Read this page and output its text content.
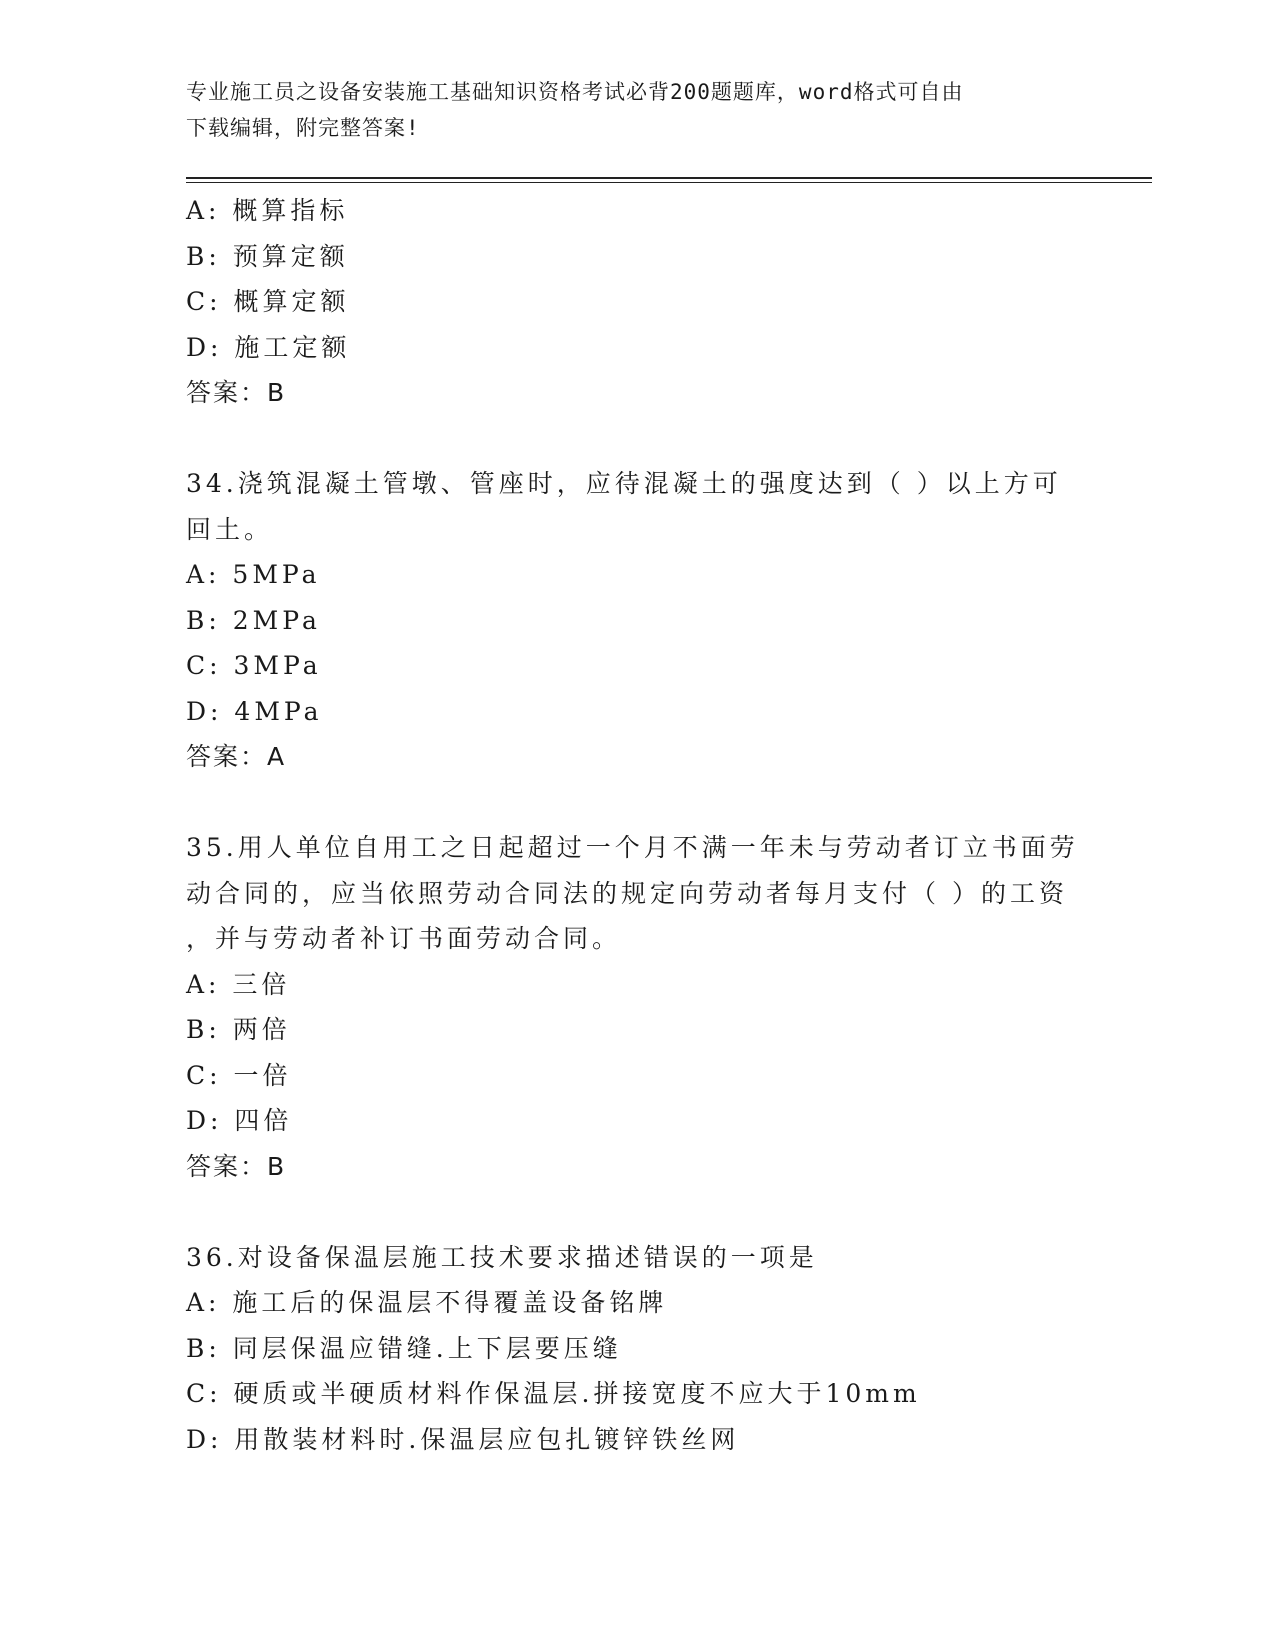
专业施工员之设备安装施工基础知识资格考试必背200题题库，word格式可自由
下载编辑，附完整答案!
A: 概算指标
B: 预算定额
C: 概算定额
D: 施工定额
答案：B
34.浇筑混凝土管墩、管座时，应待混凝土的强度达到（ ）以上方可
回土。
A: 5MPa
B: 2MPa
C: 3MPa
D: 4MPa
答案：A
35.用人单位自用工之日起超过一个月不满一年未与劳动者订立书面劳
动合同的，应当依照劳动合同法的规定向劳动者每月支付（ ）的工资
，并与劳动者补订书面劳动合同。
A: 三倍
B: 两倍
C: 一倍
D: 四倍
答案：B
36.对设备保温层施工技术要求描述错误的一项是
A: 施工后的保温层不得覆盖设备铭牌
B: 同层保温应错缝.上下层要压缝
C: 硬质或半硬质材料作保温层.拼接宽度不应大于10mm
D: 用散装材料时.保温层应包扎镀锌铁丝网
